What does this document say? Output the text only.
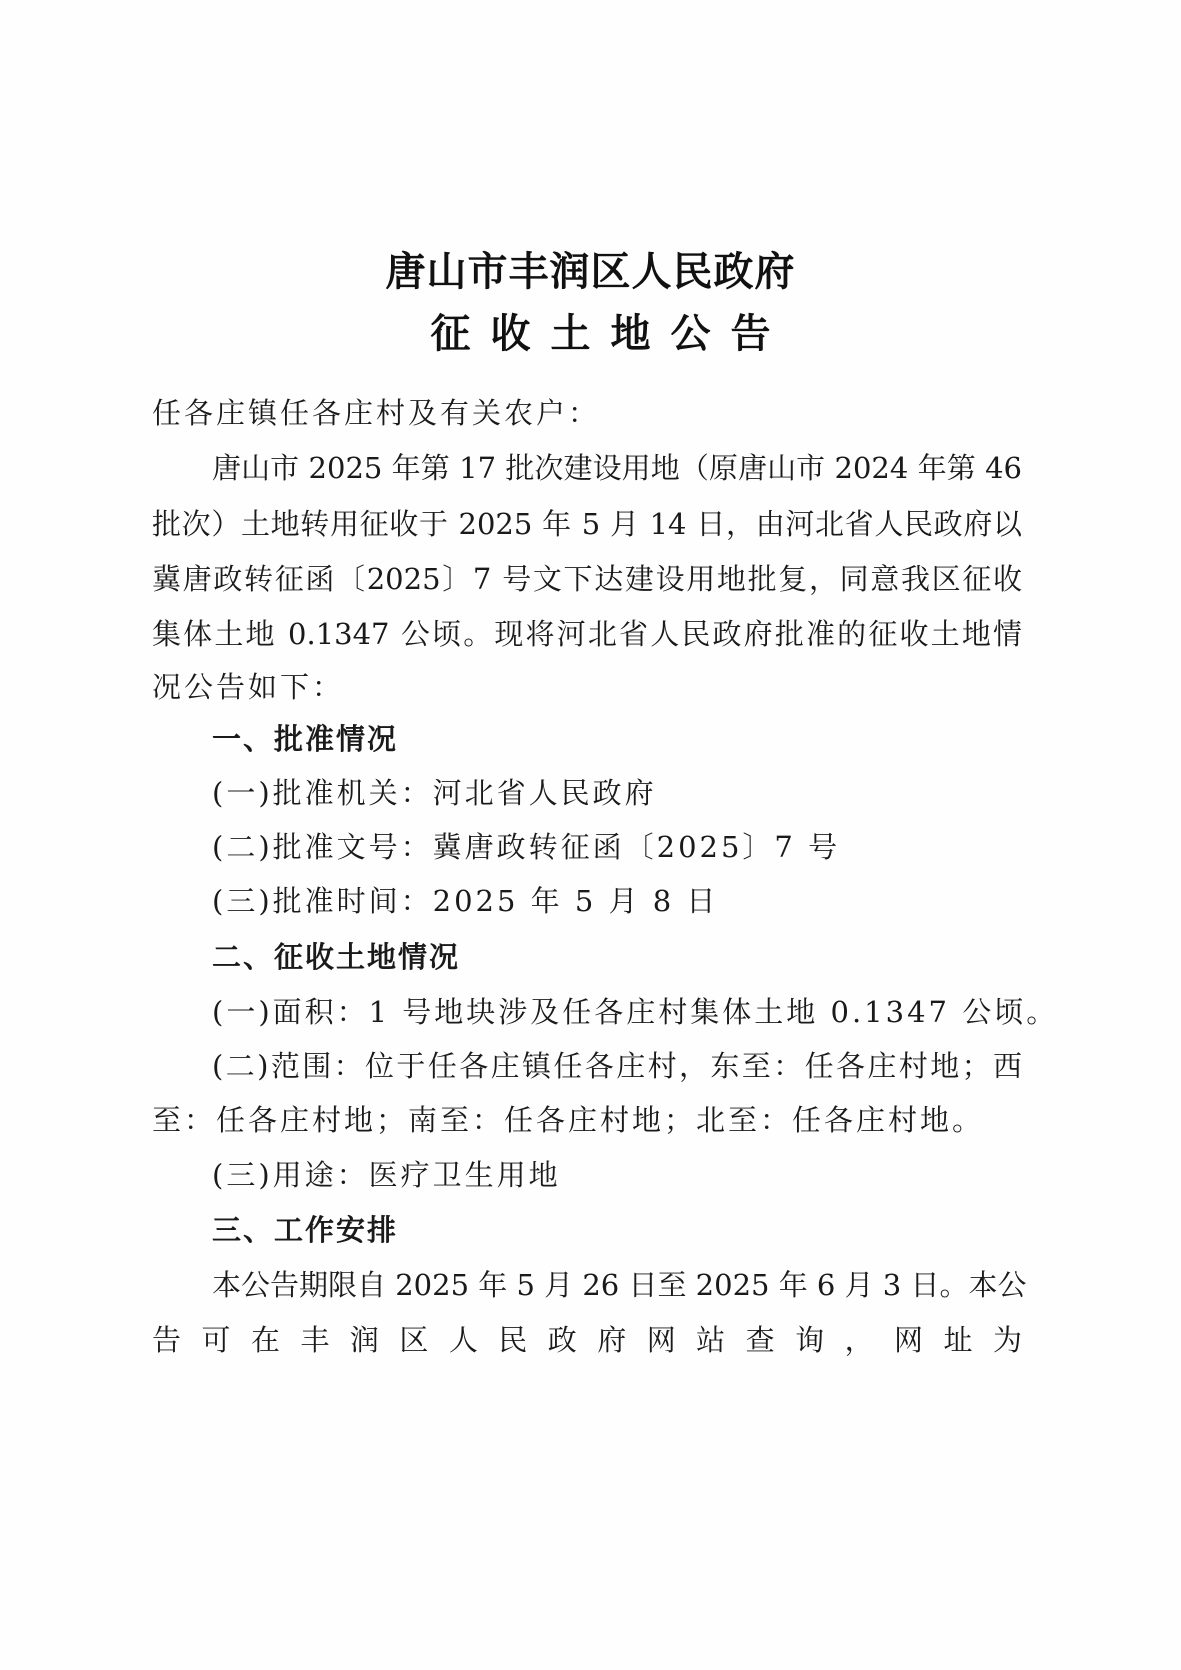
唐山市丰润区人民政府
征收土地公告
任各庄镇任各庄村及有关农户：
唐山市 2025 年第 17 批次建设用地（原唐山市 2024 年第 46
批次）土地转用征收于 2025 年 5 月 14 日，由河北省人民政府以
冀唐政转征函〔2025〕7 号文下达建设用地批复，同意我区征收
集体土地 0.1347 公顷。现将河北省人民政府批准的征收土地情
况公告如下：
一、批准情况
(一)批准机关：河北省人民政府
(二)批准文号：冀唐政转征函〔2025〕7 号
(三)批准时间：2025 年 5 月 8 日
二、征收土地情况
(一)面积：1 号地块涉及任各庄村集体土地 0.1347 公顷。
(二)范围：位于任各庄镇任各庄村，东至：任各庄村地；西
至：任各庄村地；南至：任各庄村地；北至：任各庄村地。
(三)用途：医疗卫生用地
三、工作安排
本公告期限自 2025 年 5 月 26 日至 2025 年 6 月 3 日。本公
告可在丰润区人民政府网站查询，网址为
